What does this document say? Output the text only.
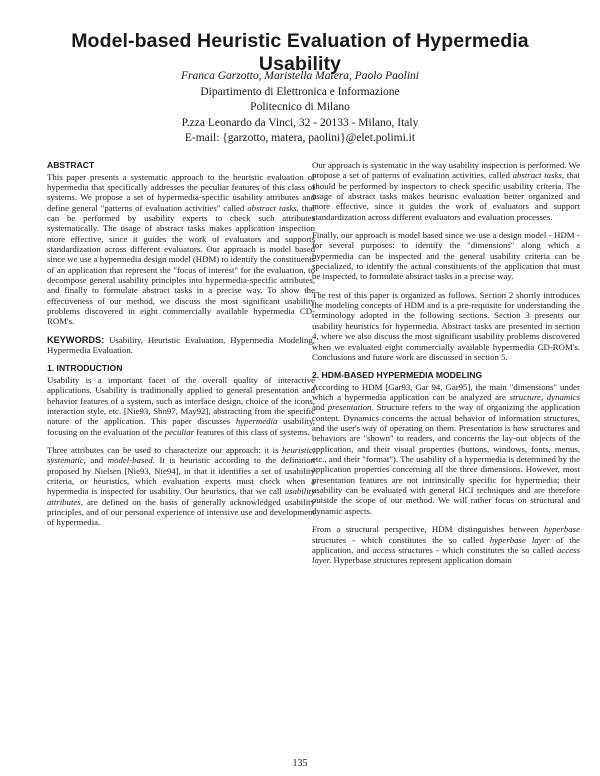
Model-based Heuristic Evaluation of Hypermedia Usability
Franca Garzotto, Maristella Matera, Paolo Paolini
Dipartimento di Elettronica e Informazione
Politecnico di Milano
P.zza Leonardo da Vinci, 32 - 20133 - Milano, Italy
E-mail: {garzotto, matera, paolini}@elet.polimi.it
ABSTRACT

This paper presents a systematic approach to the heuristic evaluation of hypermedia that specifically addresses the peculiar features of this class of systems. We propose a set of hypermedia-specific usability attributes and define general "patterns of evaluation activities" called abstract tasks, that can be performed by usability experts to check such attributes systematically. The usage of abstract tasks makes application inspection more effective, since it guides the work of evaluators and supports standardization across different evaluators. Our approach is model based since we use a hypermedia design model (HDM) to identify the constituents of an application that represent the "focus of interest" for the evaluation, to decompose general usability principles into hypermedia-specific attributes, and finally to formulate abstract tasks in a precise way. To show the effectiveness of our method, we discuss the most significant usability problems discovered in eight commercially available hypermedia CD-ROM's.

KEYWORDS: Usability, Heuristic Evaluation, Hypermedia Modeling, Hypermedia Evaluation.

1. INTRODUCTION

Usability is a important facet of the overall quality of interactive applications. Usability is traditionally applied to general presentation and behavior features of a system, such as interface design, choice of the icons, interaction style, etc. [Nie93, Shn97, May92], abstracting from the specific nature of the application. This paper discusses hypermedia usability, focusing on the evaluation of the peculiar features of this class of systems.

Three attributes can be used to characterize our approach: it is heuristic, systematic, and model-based. It is heuristic according to the definition proposed by Nielsen [Nie93, Nie94], in that it identifies a set of usability criteria, or heuristics, which evaluation experts must check when a hypermedia is inspected for usability. Our heuristics, that we call usability attributes, are defined on the basis of generally acknowledged usability principles, and of our personal experience of intensive use and development of hypermedia.

Our approach is systematic in the way usability inspection is performed. We propose a set of patterns of evaluation activities, called abstract tasks, that should be performed by inspectors to check specific usability criteria. The usage of abstract tasks makes heuristic evaluation better organized and more effective, since it guides the work of evaluators and support standardization across different evaluators and evaluation processes.

Finally, our approach is model based since we use a design model - HDM - for several purposes: to identify the "dimensions" along which a hypermedia can be inspected and the general usability criteria can be specialized, to identify the actual constituents of the application that must be inspected, to formulate abstract tasks in a precise way.

The rest of this paper is organized as follows. Section 2 shortly introduces the modeling concepts of HDM and is a pre-requisite for understanding the terminology adopted in the following sections. Section 3 presents our usability heuristics for hypermedia. Abstract tasks are presented in section 4, where we also discuss the most significant usability problems discovered when we evaluated eight commercially available hypermedia CD-ROM's. Conclusions and future work are discussed in section 5.

2. HDM-BASED HYPERMEDIA MODELING

According to HDM [Gar93, Gar 94, Gar95], the main "dimensions" under which a hypermedia application can be analyzed are structure, dynamics and presentation. Structure refers to the way of organizing the application content. Dynamics concerns the actual behavior of information structures, and the user's way of operating on them. Presentation is how structures and behaviors are "shown" to readers, and concerns the lay-out objects of the application, and their visual properties (buttons, windows, fonts, menus, etc., and their "format"). The usability of a hypermedia is determined by the application properties concerning all the three dimensions. However, most presentation features are not intrinsically specific for hypermedia; their usability can be evaluated with general HCI techniques and are therefore outside the scope of our method. We will rather focus on structural and dynamic aspects.

From a structural perspective, HDM distinguishes between hyperbase structures - which constitutes the so called hyperbase layer of the application, and access structures - which constitutes the so called access layer. Hyperbase structures represent application domain

135
